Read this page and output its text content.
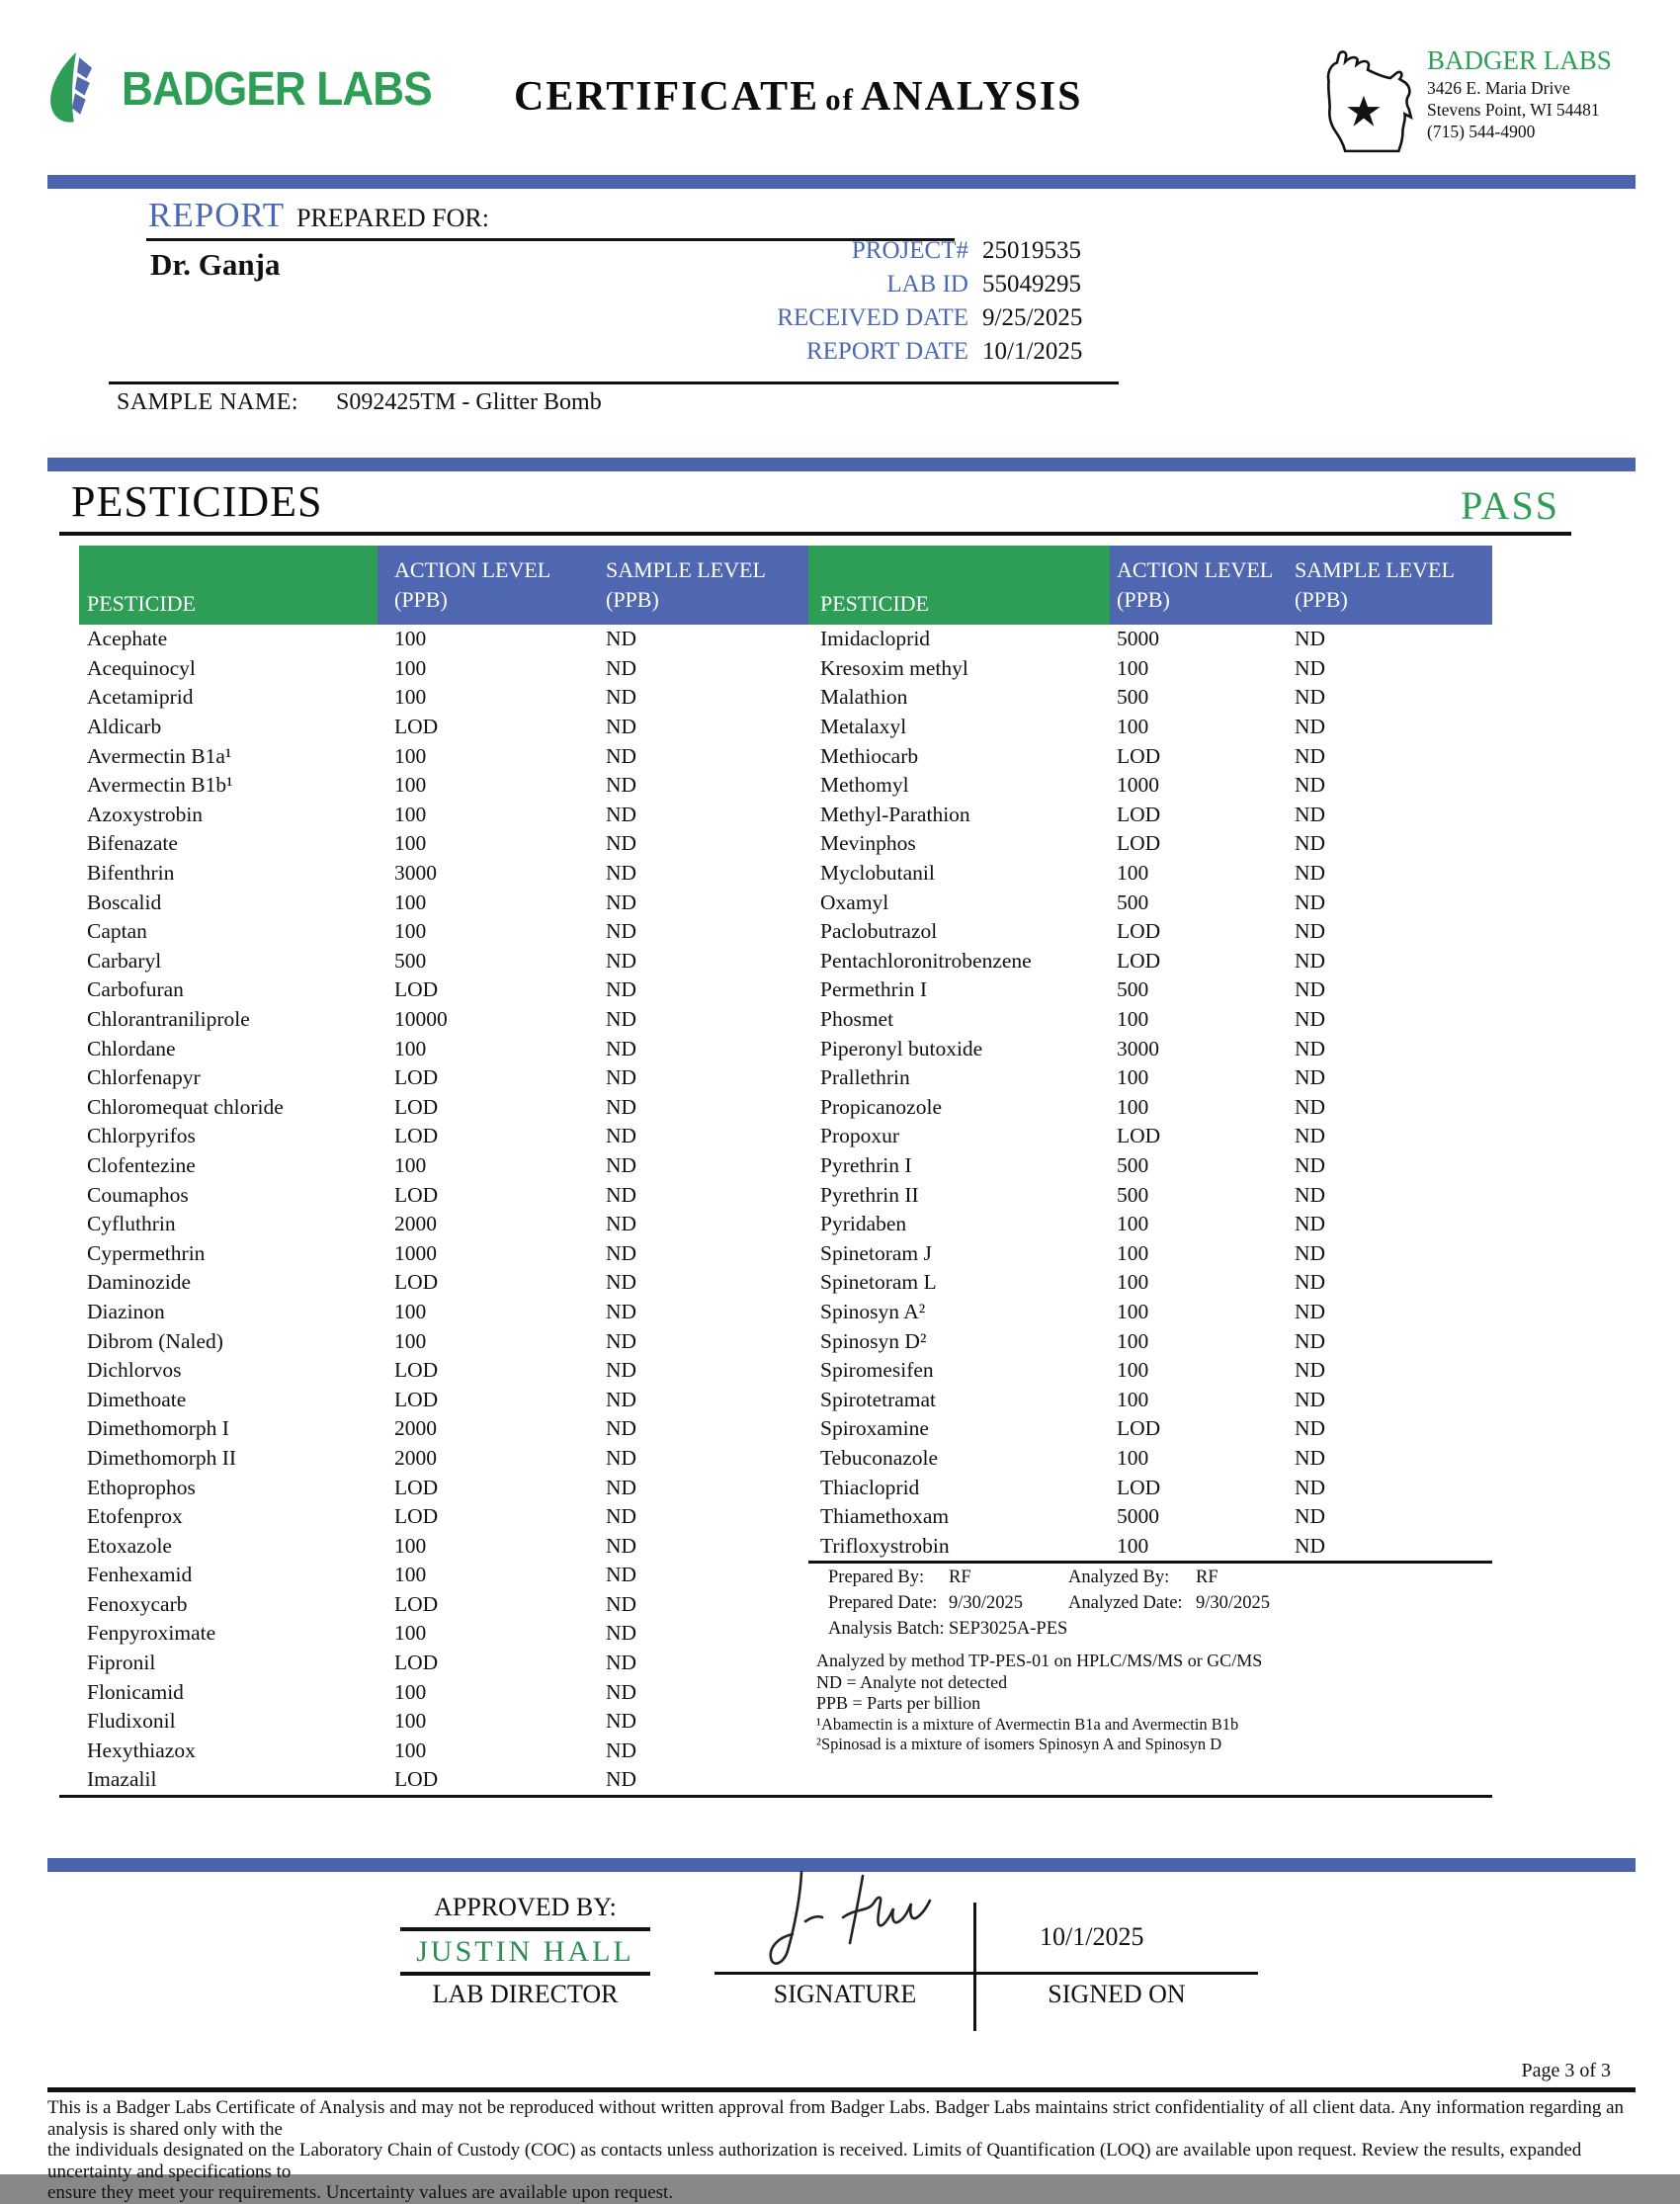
BADGER LABS CERTIFICATE of ANALYSIS
BADGER LABS
3426 E. Maria Drive
Stevens Point, WI 54481
(715) 544-4900
REPORT PREPARED FOR:
Dr. Ganja	PROJECT# 25019535
LAB ID 55049295
RECEIVED DATE 9/25/2025
REPORT DATE 10/1/2025
SAMPLE NAME: S092425TM - Glitter Bomb
PESTICIDES	PASS
PESTICIDE
ACTION LEVEL
(PPB)
SAMPLE LEVEL
(PPB)
Acephate	100	ND
Acequinocyl	100	ND
Acetamiprid	100	ND
Aldicarb	LOD	ND
Avermectin B1a¹	100	ND
Avermectin B1b¹	100	ND
Azoxystrobin	100	ND
Bifenazate	100	ND
Bifenthrin	3000	ND
Boscalid	100	ND
Captan	100	ND
Carbaryl	500	ND
Carbofuran	LOD	ND
Chlorantraniliprole	10000	ND
Chlordane	100	ND
Chlorfenapyr	LOD	ND
Chloromequat chloride	LOD	ND
Chlorpyrifos	LOD	ND
Clofentezine	100	ND
Coumaphos	LOD	ND
Cyfluthrin	2000	ND
Cypermethrin	1000	ND
Daminozide	LOD	ND
Diazinon	100	ND
Dibrom (Naled)	100	ND
Dichlorvos	LOD	ND
Dimethoate	LOD	ND
Dimethomorph I	2000	ND
Dimethomorph II	2000	ND
Ethoprophos	LOD	ND
Etofenprox	LOD	ND
Etoxazole	100	ND
Fenhexamid	100	ND
Fenoxycarb	LOD	ND
Fenpyroximate	100	ND
Fipronil	LOD	ND
Flonicamid	100	ND
Fludixonil	100	ND
Hexythiazox	100	ND
Imazalil	LOD	ND
PESTICIDE
ACTION LEVEL
(PPB)
SAMPLE LEVEL
(PPB)
Imidacloprid	5000	ND
Kresoxim methyl	100	ND
Malathion	500	ND
Metalaxyl	100	ND
Methiocarb	LOD	ND
Methomyl	1000	ND
Methyl-Parathion	LOD	ND
Mevinphos	LOD	ND
Myclobutanil	100	ND
Oxamyl	500	ND
Paclobutrazol	LOD	ND
Pentachloronitrobenzene	LOD	ND
Permethrin I	500	ND
Phosmet	100	ND
Piperonyl butoxide	3000	ND
Prallethrin	100	ND
Propicanozole	100	ND
Propoxur	LOD	ND
Pyrethrin I	500	ND
Pyrethrin II	500	ND
Pyridaben	100	ND
Spinetoram J	100	ND
Spinetoram L	100	ND
Spinosyn A²	100	ND
Spinosyn D²	100	ND
Spiromesifen	100	ND
Spirotetramat	100	ND
Spiroxamine	LOD	ND
Tebuconazole	100	ND
Thiacloprid	LOD	ND
Thiamethoxam	5000	ND
Trifloxystrobin	100	ND
Prepared By: RF	Analyzed By: RF
Prepared Date: 9/30/2025 Analyzed Date: 9/30/2025
Analysis Batch: SEP3025A-PES
Analyzed by method TP-PES-01 on HPLC/MS/MS or GC/MS
ND = Analyte not detected
PPB = Parts per billion
¹Abamectin is a mixture of Avermectin B1a and Avermectin B1b
²Spinosad is a mixture of isomers Spinosyn A and Spinosyn D
APPROVED BY:
JUSTIN HALL
LAB DIRECTOR
10/1/2025
SIGNATURE	SIGNED ON
Page 3 of 3
This is a Badger Labs Certificate of Analysis and may not be reproduced without written approval from Badger Labs. Badger Labs maintains strict confidentiality of all client data. Any information regarding an analysis is shared only with the
the individuals designated on the Laboratory Chain of Custody (COC) as contacts unless authorization is received. Limits of Quantification (LOQ) are available upon request. Review the results, expanded uncertainty and specifications to
ensure they meet your requirements. Uncertainty values are available upon request.
